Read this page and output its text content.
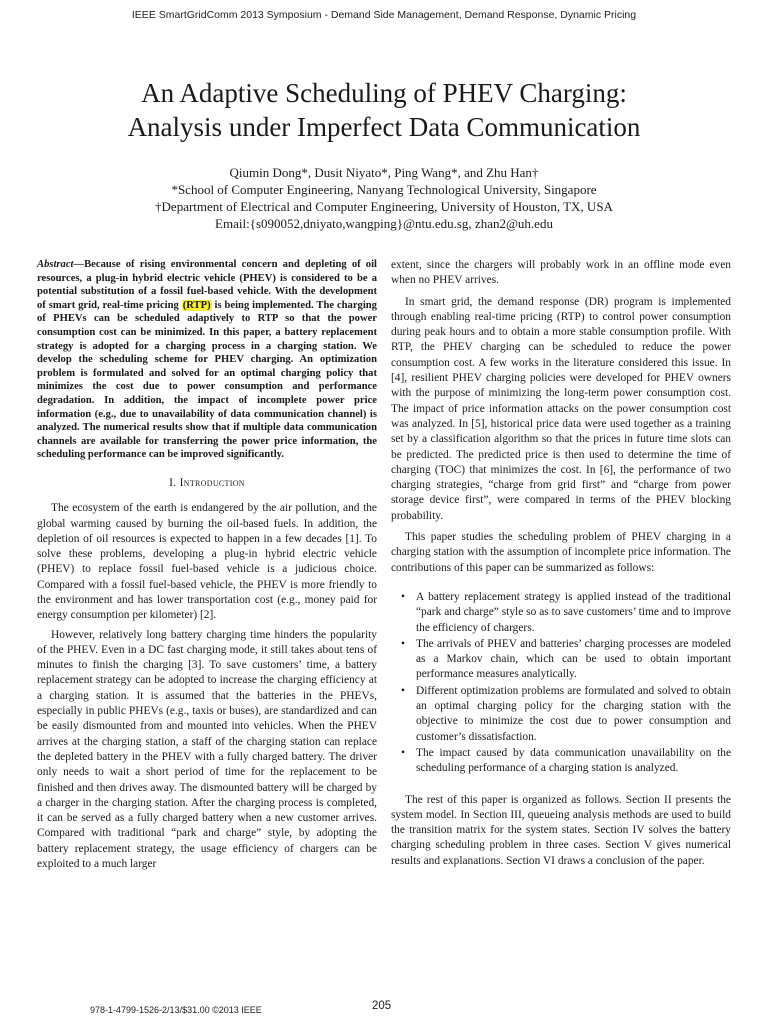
IEEE SmartGridComm 2013 Symposium - Demand Side Management, Demand Response, Dynamic Pricing
An Adaptive Scheduling of PHEV Charging:
Analysis under Imperfect Data Communication
Qiumin Dong*, Dusit Niyato*, Ping Wang*, and Zhu Han†
*School of Computer Engineering, Nanyang Technological University, Singapore
†Department of Electrical and Computer Engineering, University of Houston, TX, USA
Email:{s090052,dniyato,wangping}@ntu.edu.sg, zhan2@uh.edu
Abstract—Because of rising environmental concern and depleting of oil resources, a plug-in hybrid electric vehicle (PHEV) is considered to be a potential substitution of a fossil fuel-based vehicle. With the development of smart grid, real-time pricing (RTP) is being implemented. The charging of PHEVs can be scheduled adaptively to RTP so that the power consumption cost can be minimized. In this paper, a battery replacement strategy is adopted for a charging process in a charging station. We develop the scheduling scheme for PHEV charging. An optimization problem is formulated and solved for an optimal charging policy that minimizes the cost due to power consumption and performance degradation. In addition, the impact of incomplete power price information (e.g., due to unavailability of data communication channel) is analyzed. The numerical results show that if multiple data communication channels are available for transferring the power price information, the scheduling performance can be improved significantly.
I. Introduction

The ecosystem of the earth is endangered by the air pollution, and the global warming caused by burning the oil-based fuels. In addition, the depletion of oil resources is expected to happen in a few decades [1]. To solve these problems, developing a plug-in hybrid electric vehicle (PHEV) to replace fossil fuel-based vehicle is a judicious choice. Compared with a fossil fuel-based vehicle, the PHEV is more friendly to the environment and has lower transportation cost (e.g., money paid for energy consumption per kilometer) [2].

However, relatively long battery charging time hinders the popularity of the PHEV. Even in a DC fast charging mode, it still takes about tens of minutes to finish the charging [3]. To save customers’ time, a battery replacement strategy can be adopted to increase the charging efficiency at a charging station. It is assumed that the batteries in the PHEVs, especially in public PHEVs (e.g., taxis or buses), are standardized and can be easily dismounted from and mounted into vehicles. When the PHEV arrives at the charging station, a staff of the charging station can replace the depleted battery in the PHEV with a fully charged battery. The driver only needs to wait a short period of time for the replacement to be finished and then drives away. The dismounted battery will be charged by a charger in the charging station. After the charging process is completed, it can be served as a fully charged battery when a new customer arrives. Compared with traditional “park and charge” style, by adopting the battery replacement strategy, the usage efficiency of chargers can be exploited to a much larger

extent, since the chargers will probably work in an offline mode even when no PHEV arrives.

In smart grid, the demand response (DR) program is implemented through enabling real-time pricing (RTP) to control power consumption during peak hours and to obtain a more stable consumption profile. With RTP, the PHEV charging can be scheduled to reduce the power consumption cost. A few works in the literature considered this issue. In [4], resilient PHEV charging policies were developed for PHEV owners with the purpose of minimizing the long-term power consumption cost. The impact of price information attacks on the power consumption cost was analyzed. In [5], historical price data were used together as a training set by a classification algorithm so that the prices in future time slots can be predicted. The predicted price is then used to determine the time of charging (TOC) that minimizes the cost. In [6], the performance of two charging strategies, “charge from grid first” and “charge from power storage device first”, were compared in terms of the PHEV blocking probability.

This paper studies the scheduling problem of PHEV charging in a charging station with the assumption of incomplete price information. The contributions of this paper can be summarized as follows:

• A battery replacement strategy is applied instead of the traditional “park and charge” style so as to save customers’ time and to improve the efficiency of chargers.
• The arrivals of PHEV and batteries’ charging processes are modeled as a Markov chain, which can be used to obtain important performance measures analytically.
• Different optimization problems are formulated and solved to obtain an optimal charging policy for the charging station with the objective to minimize the cost due to power consumption and customer’s dissatisfaction.
• The impact caused by data communication unavailability on the scheduling performance of a charging station is analyzed.

The rest of this paper is organized as follows. Section II presents the system model. In Section III, queueing analysis methods are used to build the transition matrix for the system states. Section IV solves the battery charging scheduling problem in three cases. Section V gives numerical results and explanations. Section VI draws a conclusion of the paper.

978-1-4799-1526-2/13/$31.00 ©2013 IEEE	205
